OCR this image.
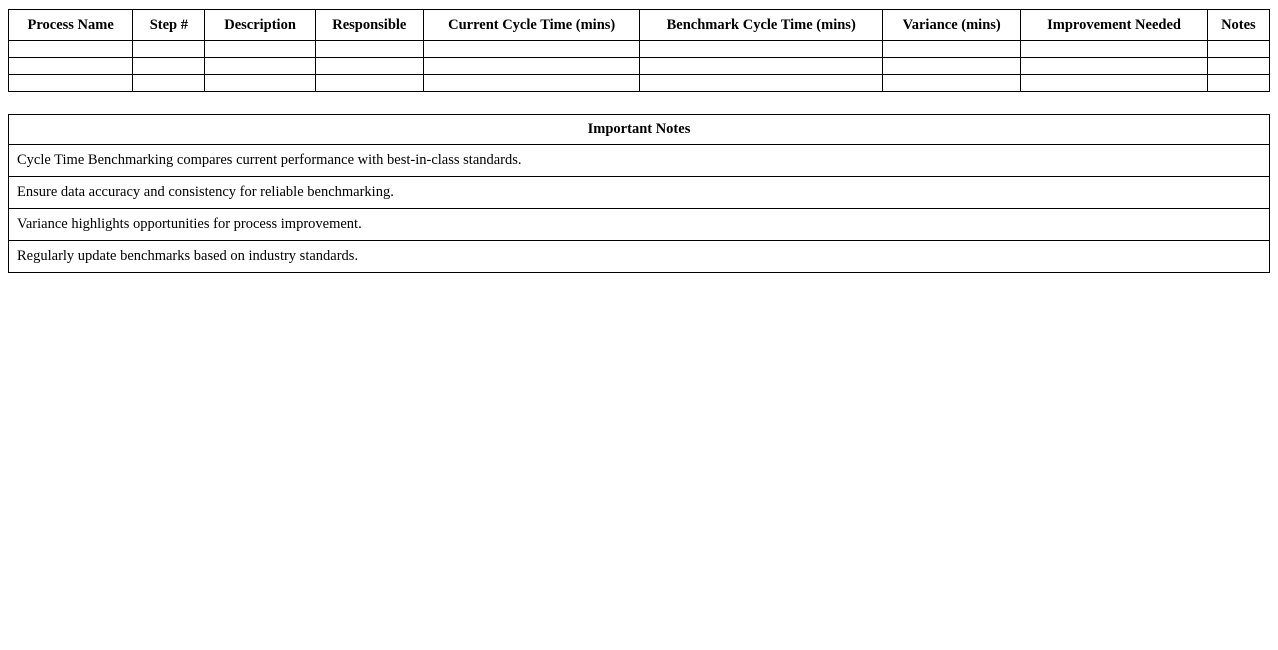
Process Name	Step #	Description	Responsible	Current Cycle Time (mins)	Benchmark Cycle Time (mins)	Variance (mins)	Improvement Needed	Notes

Important Notes
Cycle Time Benchmarking compares current performance with best-in-class standards.
Ensure data accuracy and consistency for reliable benchmarking.
Variance highlights opportunities for process improvement.
Regularly update benchmarks based on industry standards.
